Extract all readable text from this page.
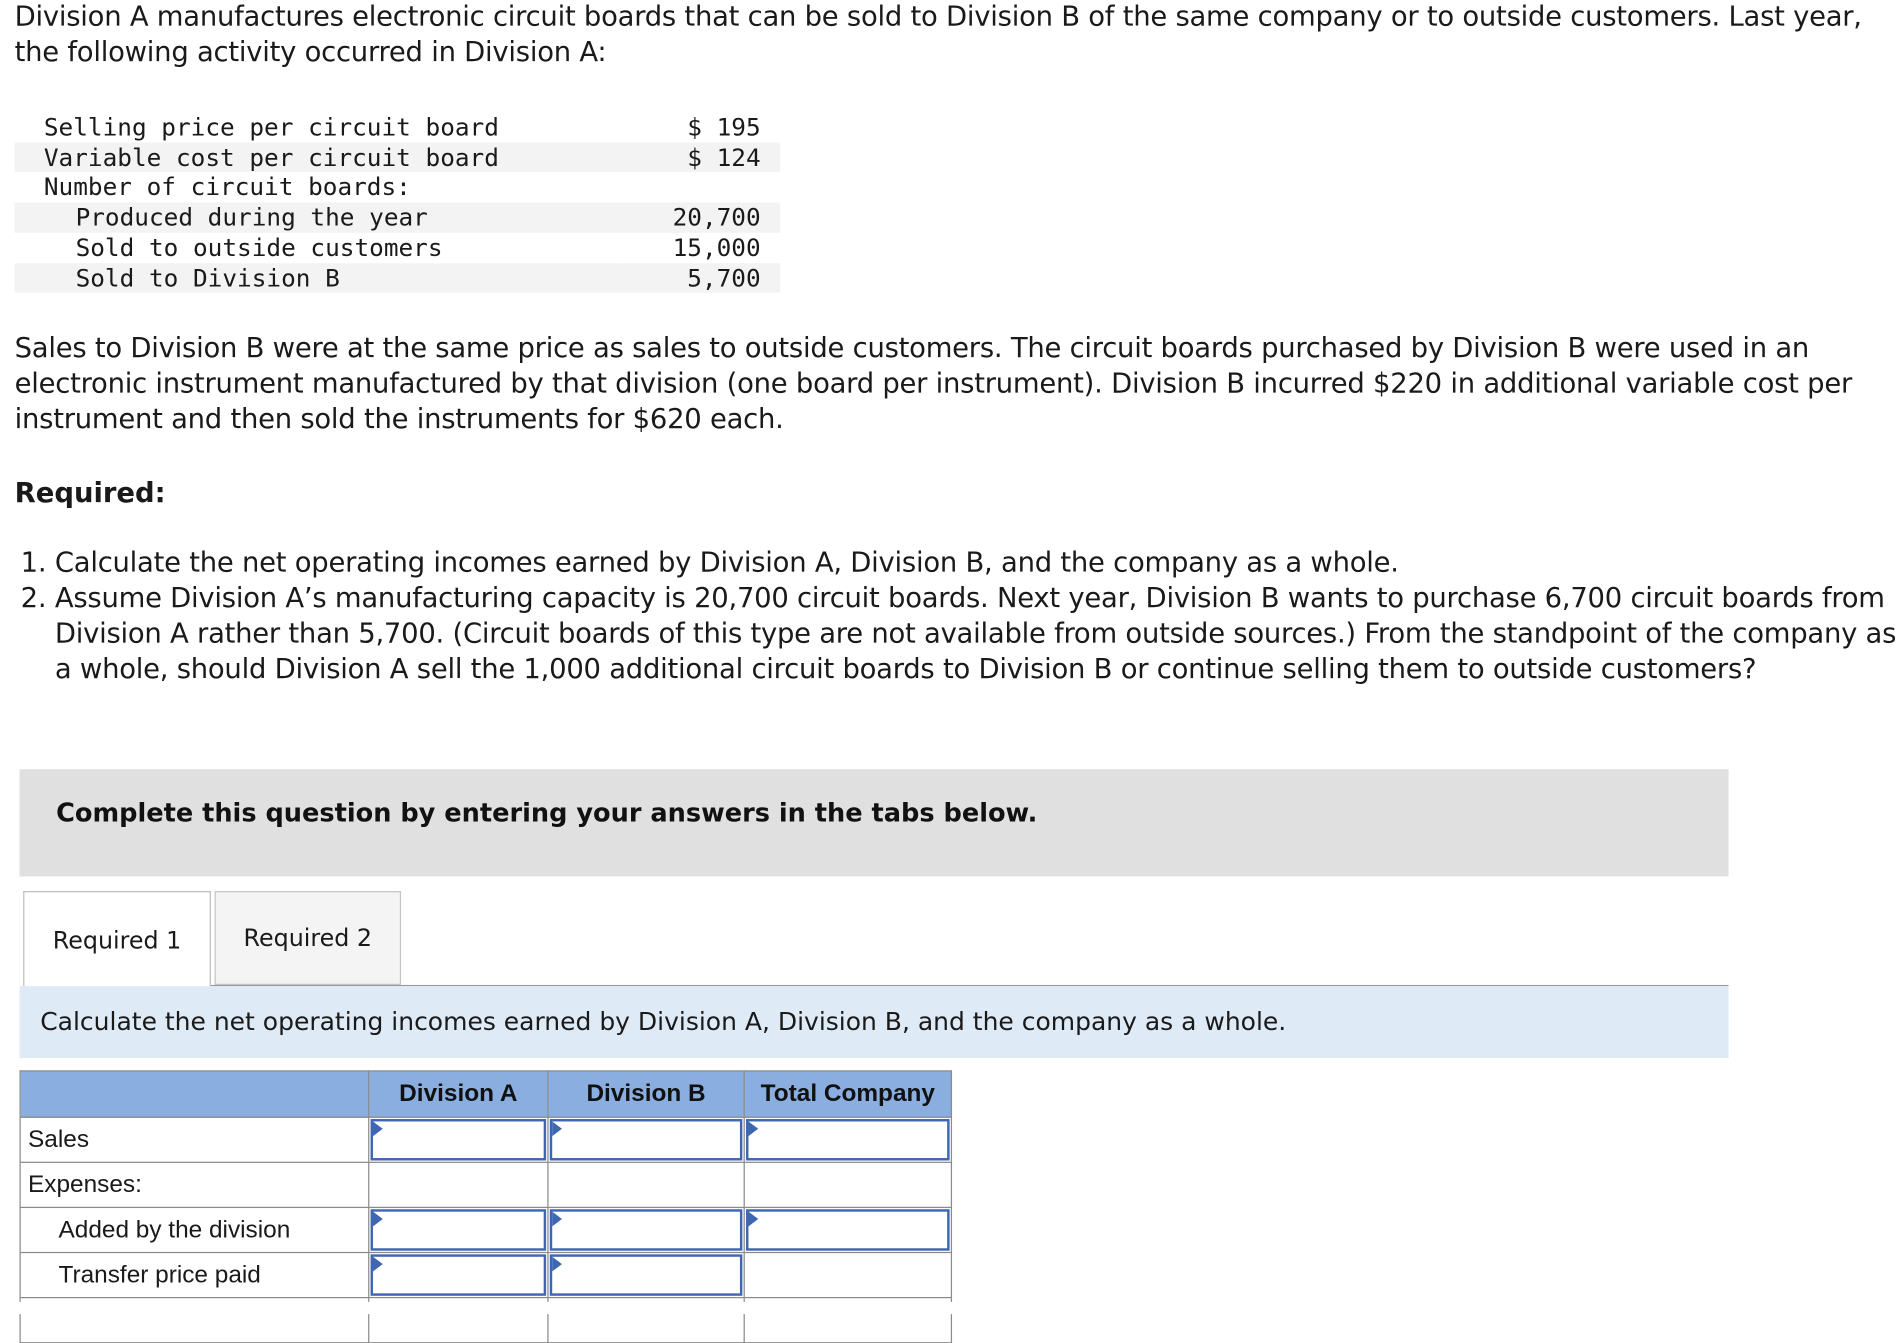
Division A manufactures electronic circuit boards that can be sold to Division B of the same company or to outside customers. Last year, the following activity occurred in Division A:
Selling price per circuit board	$ 195
Variable cost per circuit board	$ 124
Number of circuit boards:	
Produced during the year	20,700
Sold to outside customers	15,000
Sold to Division B	5,700
Sales to Division B were at the same price as sales to outside customers. The circuit boards purchased by Division B were used in an electronic instrument manufactured by that division (one board per instrument). Division B incurred $220 in additional variable cost per instrument and then sold the instruments for $620 each.
Required:
1. Calculate the net operating incomes earned by Division A, Division B, and the company as a whole.
2. Assume Division A’s manufacturing capacity is 20,700 circuit boards. Next year, Division B wants to purchase 6,700 circuit boards from Division A rather than 5,700. (Circuit boards of this type are not available from outside sources.) From the standpoint of the company as a whole, should Division A sell the 1,000 additional circuit boards to Division B or continue selling them to outside customers?
Complete this question by entering your answers in the tabs below.
Required 1	Required 2
Calculate the net operating incomes earned by Division A, Division B, and the company as a whole.
	Division A	Division B	Total Company
Sales	

Expenses:			
Added by the division	

Transfer price paid	
